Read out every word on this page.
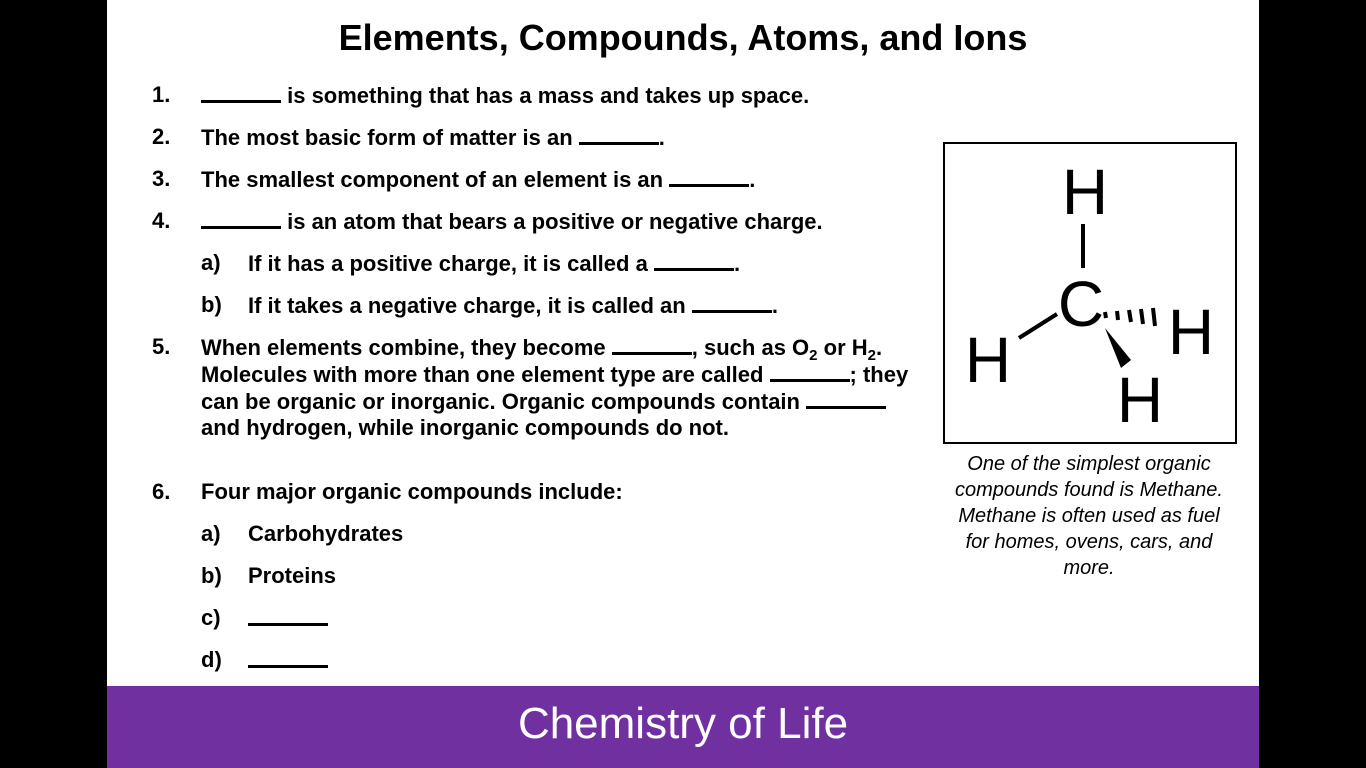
Elements, Compounds, Atoms, and Ions
1.	is something that has a mass and takes up space.
2. The most basic form of matter is an	.
3. The smallest component of an element is an	.
4.	is an atom that bears a positive or negative charge.
a) If it has a positive charge, it is called a	.
b) If it takes a negative charge, it is called an	.
5. When elements combine, they become	, such as $O_2$ or $H_2$. Molecules with more than one element type are called	; they can be organic or inorganic. Organic compounds contain  and hydrogen, while inorganic compounds do not.
6. Four major organic compounds include:
a) Carbohydrates
b) Proteins
c)
d)
H
C
H H
H
One of the simplest organic compounds found is Methane. Methane is often used as fuel for homes, ovens, cars, and more.
Chemistry of Life
